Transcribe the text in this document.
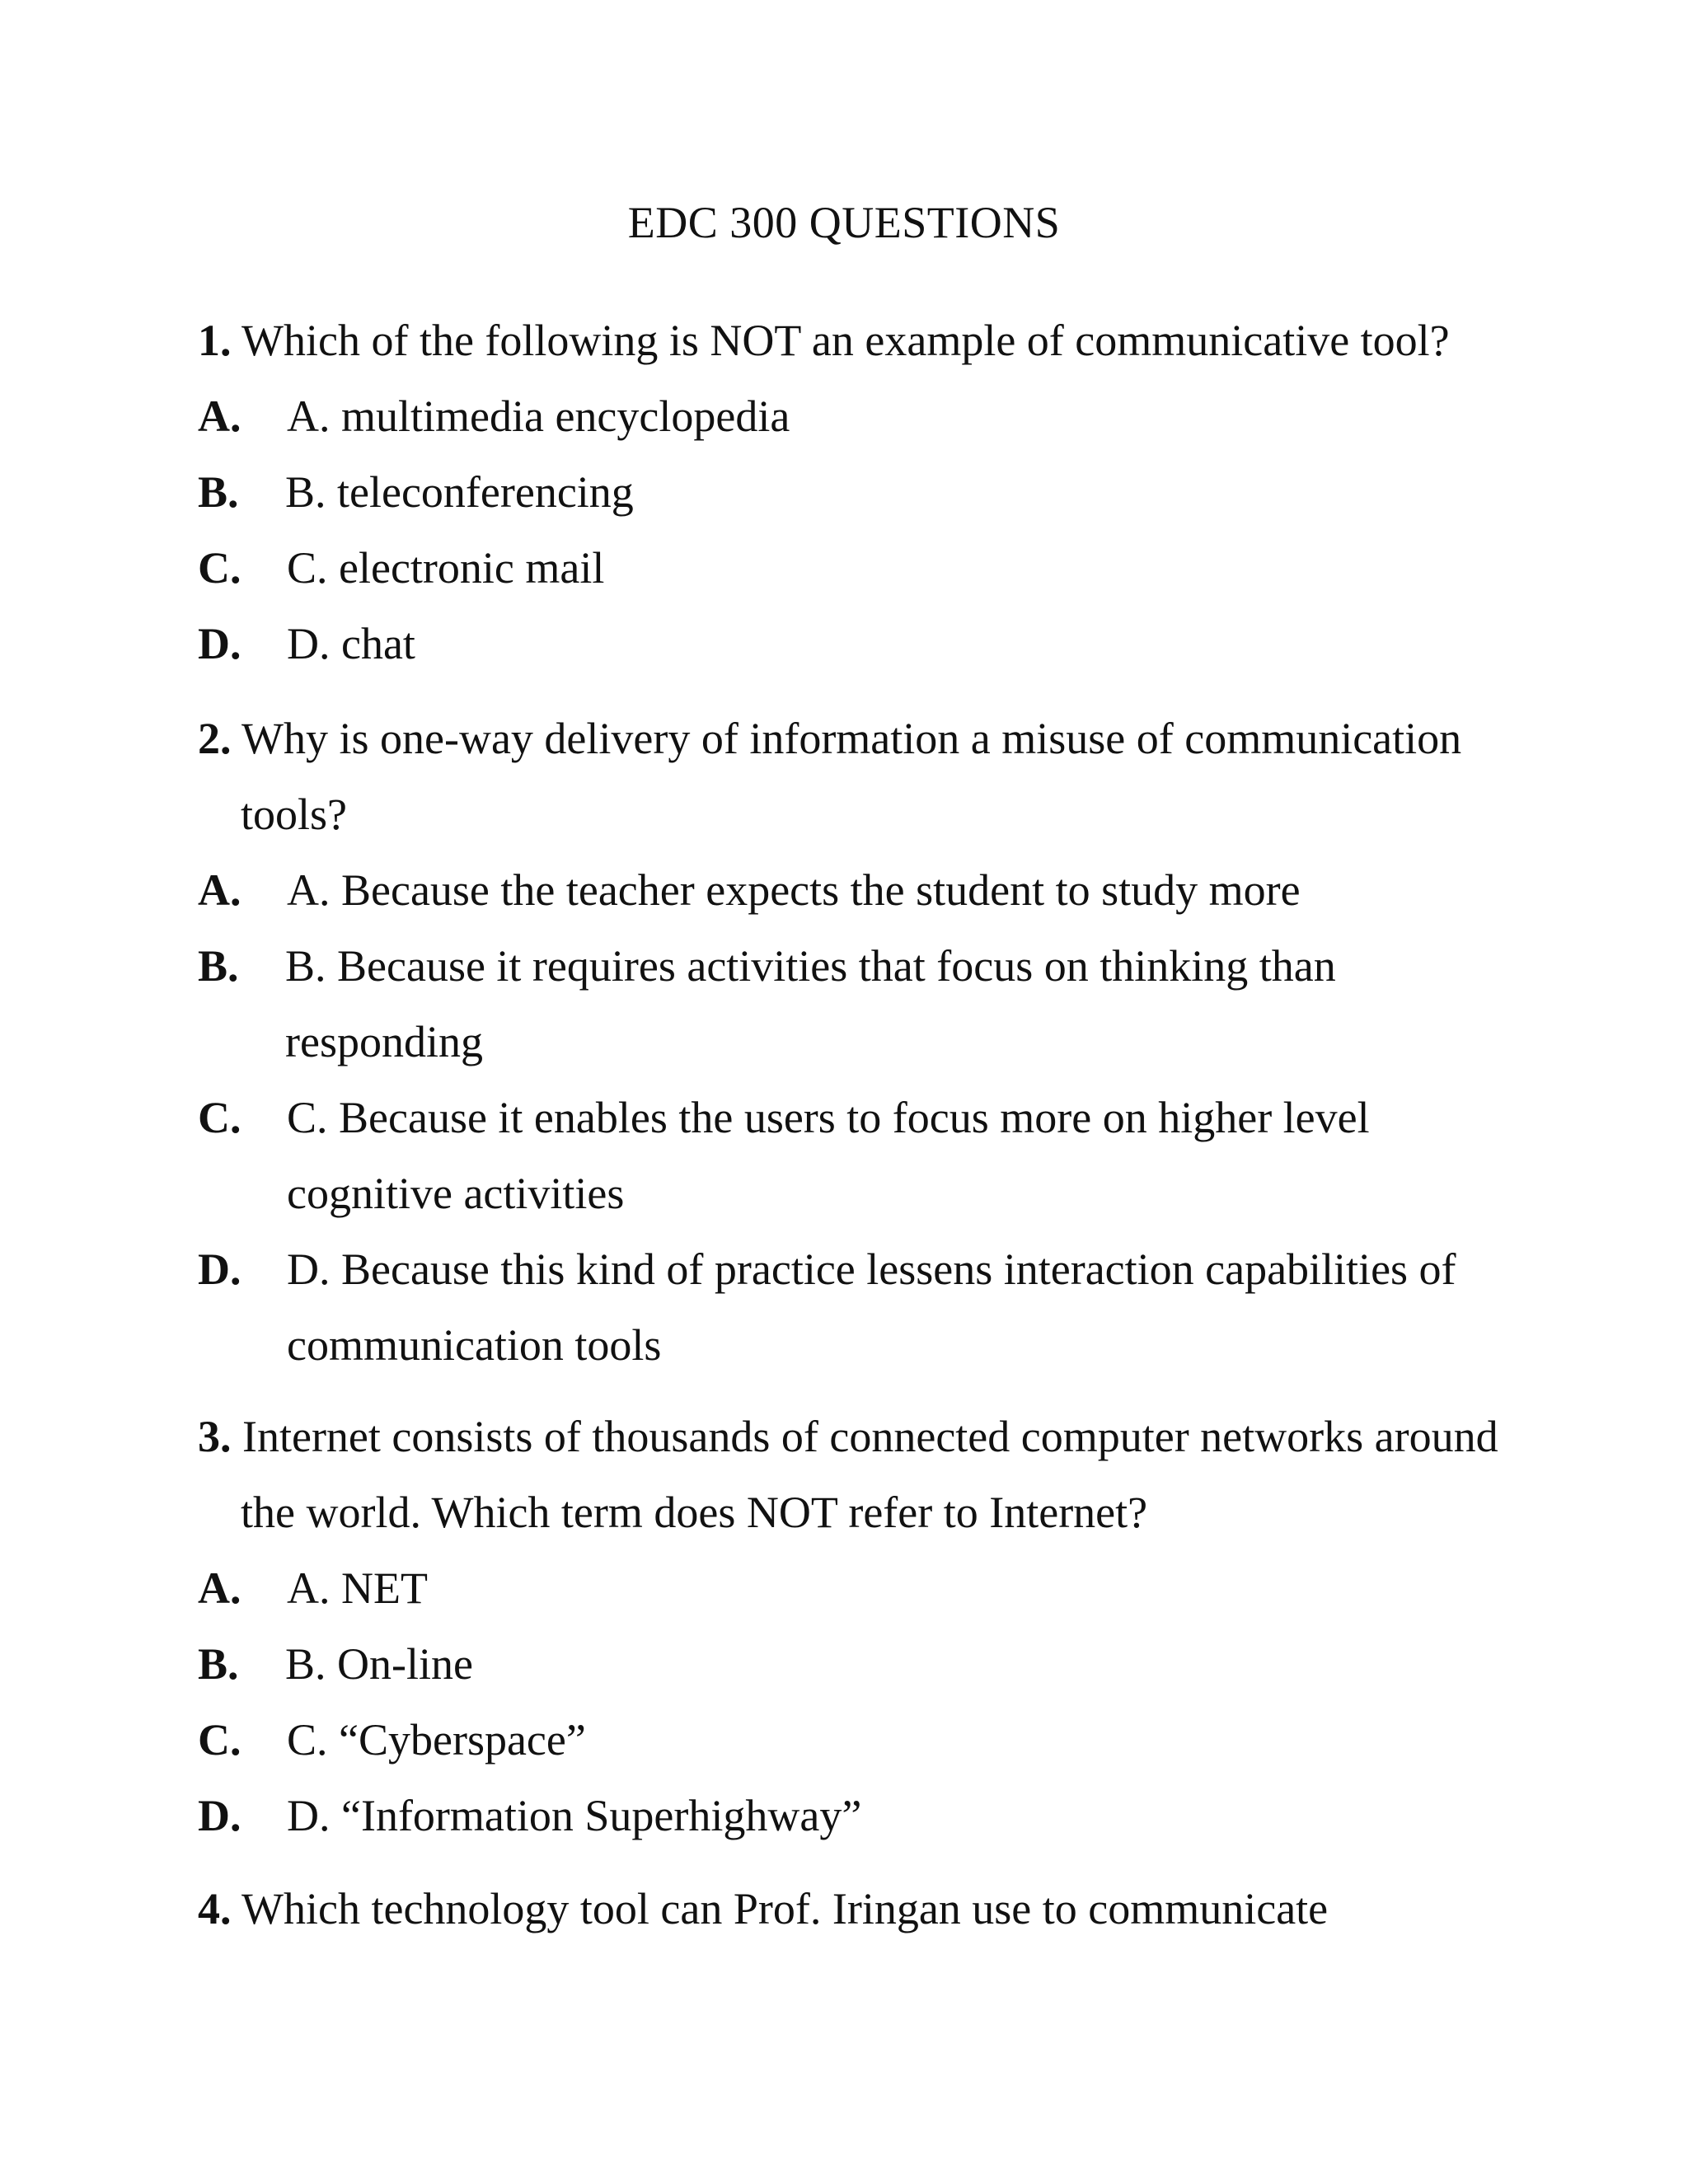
EDC 300 QUESTIONS
1. Which of the following is NOT an example of communicative tool?
A.	A. multimedia encyclopedia
B.	B. teleconferencing
C.	C. electronic mail
D.	D. chat
2. Why is one-way delivery of information a misuse of communication
tools?
A.	A. Because the teacher expects the student to study more
B.	B. Because it requires activities that focus on thinking than
responding
C.	C. Because it enables the users to focus more on higher level
cognitive activities
D.	D. Because this kind of practice lessens interaction capabilities of
communication tools
3. Internet consists of thousands of connected computer networks around
the world. Which term does NOT refer to Internet?
A.	A. NET
B.	B. On-line
C.	C. “Cyberspace”
D.	D. “Information Superhighway”
4. Which technology tool can Prof. Iringan use to communicate
